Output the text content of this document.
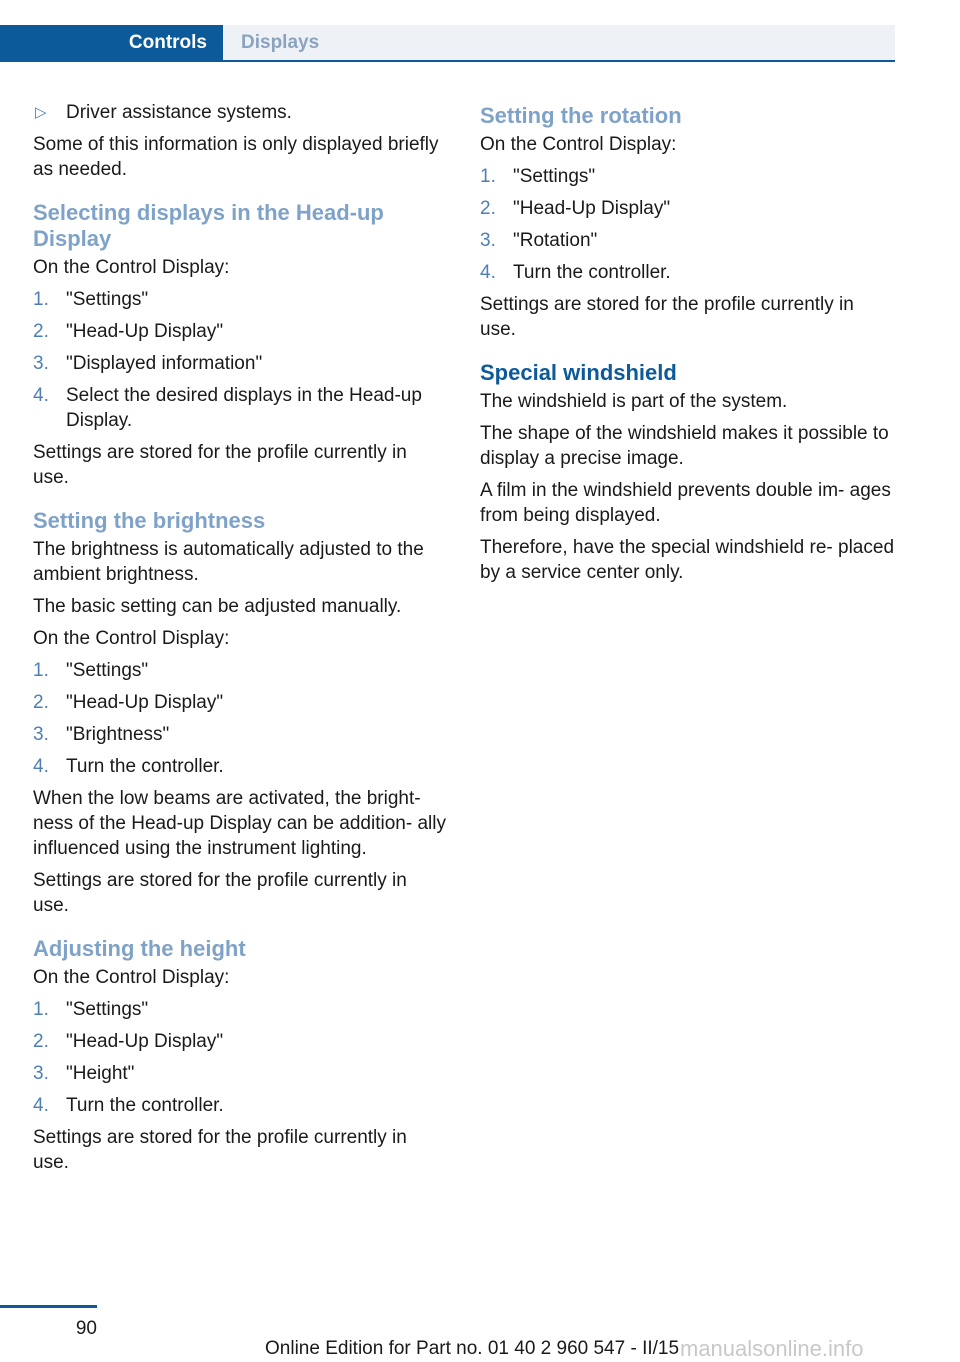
Controls	Displays
▷ Driver assistance systems.

Some of this information is only displayed briefly as needed.

Selecting displays in the Head-up Display

On the Control Display:

1. "Settings"
2. "Head-Up Display"
3. "Displayed information"
4. Select the desired displays in the Head-up Display.

Settings are stored for the profile currently in use.

Setting the brightness

The brightness is automatically adjusted to the ambient brightness.

The basic setting can be adjusted manually.

On the Control Display:

1. "Settings"
2. "Head-Up Display"
3. "Brightness"
4. Turn the controller.

When the low beams are activated, the bright‐ ness of the Head-up Display can be addition‐ ally influenced using the instrument lighting.

Settings are stored for the profile currently in use.

Adjusting the height

On the Control Display:

1. "Settings"
2. "Head-Up Display"
3. "Height"
4. Turn the controller.

Settings are stored for the profile currently in use.

Setting the rotation

On the Control Display:

1. "Settings"
2. "Head-Up Display"
3. "Rotation"
4. Turn the controller.

Settings are stored for the profile currently in use.

Special windshield

The windshield is part of the system.

The shape of the windshield makes it possible to display a precise image.

A film in the windshield prevents double im‐ ages from being displayed.

Therefore, have the special windshield re‐ placed by a service center only.

90
Online Edition for Part no. 01 40 2 960 547 - II/15 manualsonline.info
